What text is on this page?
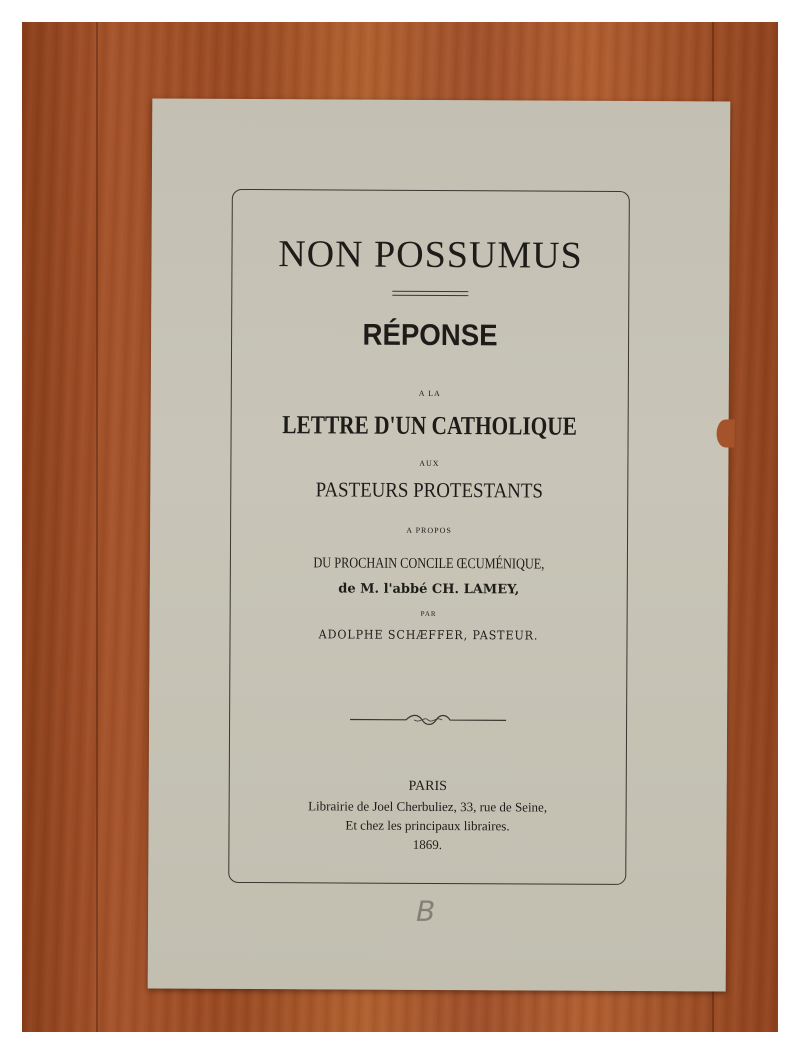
NON POSSUMUS
RÉPONSE
A LA
LETTRE D'UN CATHOLIQUE
AUX
PASTEURS PROTESTANTS
A PROPOS
DU PROCHAIN CONCILE ŒCUMÉNIQUE,
de M. l'abbé CH. LAMEY,
PAR
ADOLPHE SCHÆFFER, PASTEUR.
PARIS
Librairie de Joel Cherbuliez, 33, rue de Seine,
Et chez les principaux libraires.
1869.
B
